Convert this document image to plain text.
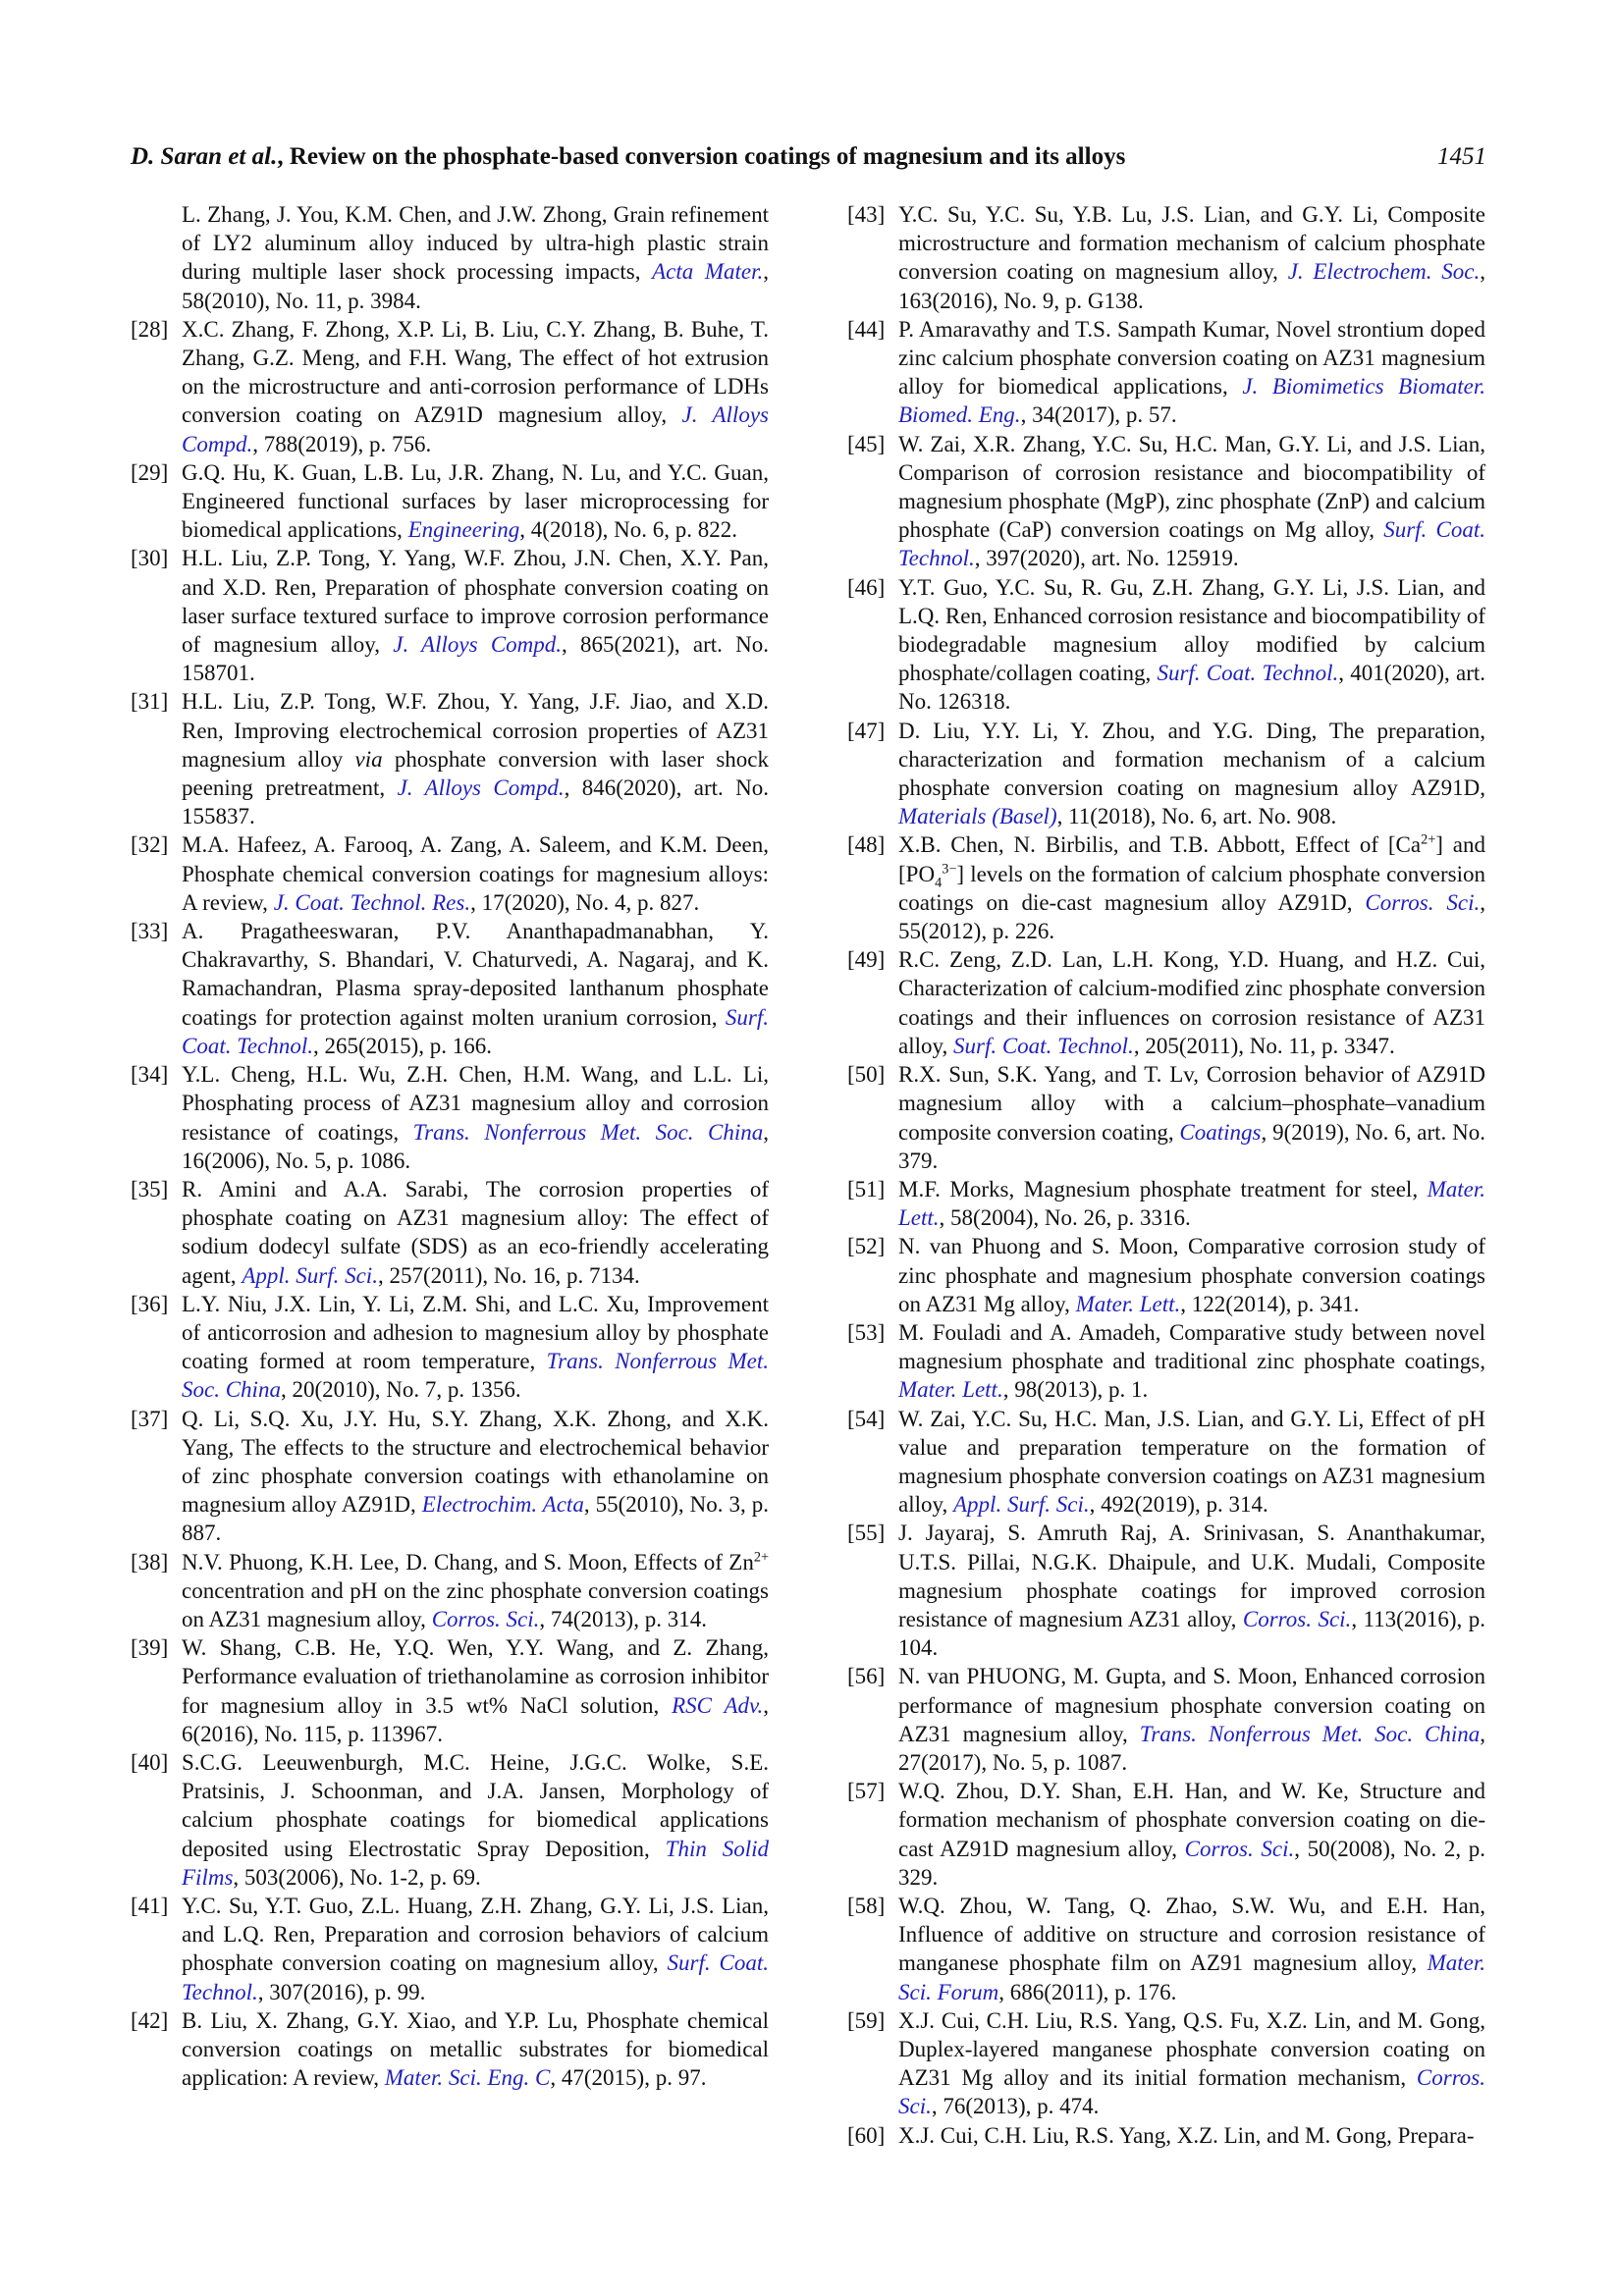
D. Saran et al., Review on the phosphate-based conversion coatings of magnesium and its alloys	1451
L. Zhang, J. You, K.M. Chen, and J.W. Zhong, Grain refinement of LY2 aluminum alloy induced by ultra-high plastic strain during multiple laser shock processing impacts, Acta Mater., 58(2010), No. 11, p. 3984.
[28] X.C. Zhang, F. Zhong, X.P. Li, B. Liu, C.Y. Zhang, B. Buhe, T. Zhang, G.Z. Meng, and F.H. Wang, The effect of hot extrusion on the microstructure and anti-corrosion performance of LDHs conversion coating on AZ91D magnesium alloy, J. Alloys Compd., 788(2019), p. 756.
[29] G.Q. Hu, K. Guan, L.B. Lu, J.R. Zhang, N. Lu, and Y.C. Guan, Engineered functional surfaces by laser microprocessing for biomedical applications, Engineering, 4(2018), No. 6, p. 822.
[30] H.L. Liu, Z.P. Tong, Y. Yang, W.F. Zhou, J.N. Chen, X.Y. Pan, and X.D. Ren, Preparation of phosphate conversion coating on laser surface textured surface to improve corrosion performance of magnesium alloy, J. Alloys Compd., 865(2021), art. No. 158701.
[31] H.L. Liu, Z.P. Tong, W.F. Zhou, Y. Yang, J.F. Jiao, and X.D. Ren, Improving electrochemical corrosion properties of AZ31 magnesium alloy via phosphate conversion with laser shock peening pretreatment, J. Alloys Compd., 846(2020), art. No. 155837.
[32] M.A. Hafeez, A. Farooq, A. Zang, A. Saleem, and K.M. Deen, Phosphate chemical conversion coatings for magnesium alloys: A review, J. Coat. Technol. Res., 17(2020), No. 4, p. 827.
[33] A. Pragatheeswaran, P.V. Ananthapadmanabhan, Y. Chakravarthy, S. Bhandari, V. Chaturvedi, A. Nagaraj, and K. Ramachandran, Plasma spray-deposited lanthanum phosphate coatings for protection against molten uranium corrosion, Surf. Coat. Technol., 265(2015), p. 166.
[34] Y.L. Cheng, H.L. Wu, Z.H. Chen, H.M. Wang, and L.L. Li, Phosphating process of AZ31 magnesium alloy and corrosion resistance of coatings, Trans. Nonferrous Met. Soc. China, 16(2006), No. 5, p. 1086.
[35] R. Amini and A.A. Sarabi, The corrosion properties of phosphate coating on AZ31 magnesium alloy: The effect of sodium dodecyl sulfate (SDS) as an eco-friendly accelerating agent, Appl. Surf. Sci., 257(2011), No. 16, p. 7134.
[36] L.Y. Niu, J.X. Lin, Y. Li, Z.M. Shi, and L.C. Xu, Improvement of anticorrosion and adhesion to magnesium alloy by phosphate coating formed at room temperature, Trans. Nonferrous Met. Soc. China, 20(2010), No. 7, p. 1356.
[37] Q. Li, S.Q. Xu, J.Y. Hu, S.Y. Zhang, X.K. Zhong, and X.K. Yang, The effects to the structure and electrochemical behavior of zinc phosphate conversion coatings with ethanolamine on magnesium alloy AZ91D, Electrochim. Acta, 55(2010), No. 3, p. 887.
[38] N.V. Phuong, K.H. Lee, D. Chang, and S. Moon, Effects of $Zn^{2+}$ concentration and pH on the zinc phosphate conversion coatings on AZ31 magnesium alloy, Corros. Sci., 74(2013), p. 314.
[39] W. Shang, C.B. He, Y.Q. Wen, Y.Y. Wang, and Z. Zhang, Performance evaluation of triethanolamine as corrosion inhibitor for magnesium alloy in 3.5 wt% NaCl solution, RSC Adv., 6(2016), No. 115, p. 113967.
[40] S.C.G. Leeuwenburgh, M.C. Heine, J.G.C. Wolke, S.E. Pratsinis, J. Schoonman, and J.A. Jansen, Morphology of calcium phosphate coatings for biomedical applications deposited using Electrostatic Spray Deposition, Thin Solid Films, 503(2006), No. 1-2, p. 69.
[41] Y.C. Su, Y.T. Guo, Z.L. Huang, Z.H. Zhang, G.Y. Li, J.S. Lian, and L.Q. Ren, Preparation and corrosion behaviors of calcium phosphate conversion coating on magnesium alloy, Surf. Coat. Technol., 307(2016), p. 99.
[42] B. Liu, X. Zhang, G.Y. Xiao, and Y.P. Lu, Phosphate chemical conversion coatings on metallic substrates for biomedical application: A review, Mater. Sci. Eng. C, 47(2015), p. 97.
[43] Y.C. Su, Y.C. Su, Y.B. Lu, J.S. Lian, and G.Y. Li, Composite microstructure and formation mechanism of calcium phosphate conversion coating on magnesium alloy, J. Electrochem. Soc., 163(2016), No. 9, p. G138.
[44] P. Amaravathy and T.S. Sampath Kumar, Novel strontium doped zinc calcium phosphate conversion coating on AZ31 magnesium alloy for biomedical applications, J. Biomimetics Biomater. Biomed. Eng., 34(2017), p. 57.
[45] W. Zai, X.R. Zhang, Y.C. Su, H.C. Man, G.Y. Li, and J.S. Lian, Comparison of corrosion resistance and biocompatibility of magnesium phosphate (MgP), zinc phosphate (ZnP) and calcium phosphate (CaP) conversion coatings on Mg alloy, Surf. Coat. Technol., 397(2020), art. No. 125919.
[46] Y.T. Guo, Y.C. Su, R. Gu, Z.H. Zhang, G.Y. Li, J.S. Lian, and L.Q. Ren, Enhanced corrosion resistance and biocompatibility of biodegradable magnesium alloy modified by calcium phosphate/collagen coating, Surf. Coat. Technol., 401(2020), art. No. 126318.
[47] D. Liu, Y.Y. Li, Y. Zhou, and Y.G. Ding, The preparation, characterization and formation mechanism of a calcium phosphate conversion coating on magnesium alloy AZ91D, Materials (Basel), 11(2018), No. 6, art. No. 908.
[48] X.B. Chen, N. Birbilis, and T.B. Abbott, Effect of $[Ca^{2+}]$ and $[PO_4^{3-}]$ levels on the formation of calcium phosphate conversion coatings on die-cast magnesium alloy AZ91D, Corros. Sci., 55(2012), p. 226.
[49] R.C. Zeng, Z.D. Lan, L.H. Kong, Y.D. Huang, and H.Z. Cui, Characterization of calcium-modified zinc phosphate conversion coatings and their influences on corrosion resistance of AZ31 alloy, Surf. Coat. Technol., 205(2011), No. 11, p. 3347.
[50] R.X. Sun, S.K. Yang, and T. Lv, Corrosion behavior of AZ91D magnesium alloy with a calcium–phosphate–vanadium composite conversion coating, Coatings, 9(2019), No. 6, art. No. 379.
[51] M.F. Morks, Magnesium phosphate treatment for steel, Mater. Lett., 58(2004), No. 26, p. 3316.
[52] N. van Phuong and S. Moon, Comparative corrosion study of zinc phosphate and magnesium phosphate conversion coatings on AZ31 Mg alloy, Mater. Lett., 122(2014), p. 341.
[53] M. Fouladi and A. Amadeh, Comparative study between novel magnesium phosphate and traditional zinc phosphate coatings, Mater. Lett., 98(2013), p. 1.
[54] W. Zai, Y.C. Su, H.C. Man, J.S. Lian, and G.Y. Li, Effect of pH value and preparation temperature on the formation of magnesium phosphate conversion coatings on AZ31 magnesium alloy, Appl. Surf. Sci., 492(2019), p. 314.
[55] J. Jayaraj, S. Amruth Raj, A. Srinivasan, S. Ananthakumar, U.T.S. Pillai, N.G.K. Dhaipule, and U.K. Mudali, Composite magnesium phosphate coatings for improved corrosion resistance of magnesium AZ31 alloy, Corros. Sci., 113(2016), p. 104.
[56] N. van PHUONG, M. Gupta, and S. Moon, Enhanced corrosion performance of magnesium phosphate conversion coating on AZ31 magnesium alloy, Trans. Nonferrous Met. Soc. China, 27(2017), No. 5, p. 1087.
[57] W.Q. Zhou, D.Y. Shan, E.H. Han, and W. Ke, Structure and formation mechanism of phosphate conversion coating on die-cast AZ91D magnesium alloy, Corros. Sci., 50(2008), No. 2, p. 329.
[58] W.Q. Zhou, W. Tang, Q. Zhao, S.W. Wu, and E.H. Han, Influence of additive on structure and corrosion resistance of manganese phosphate film on AZ91 magnesium alloy, Mater. Sci. Forum, 686(2011), p. 176.
[59] X.J. Cui, C.H. Liu, R.S. Yang, Q.S. Fu, X.Z. Lin, and M. Gong, Duplex-layered manganese phosphate conversion coating on AZ31 Mg alloy and its initial formation mechanism, Corros. Sci., 76(2013), p. 474.
[60] X.J. Cui, C.H. Liu, R.S. Yang, X.Z. Lin, and M. Gong, Prepara-
